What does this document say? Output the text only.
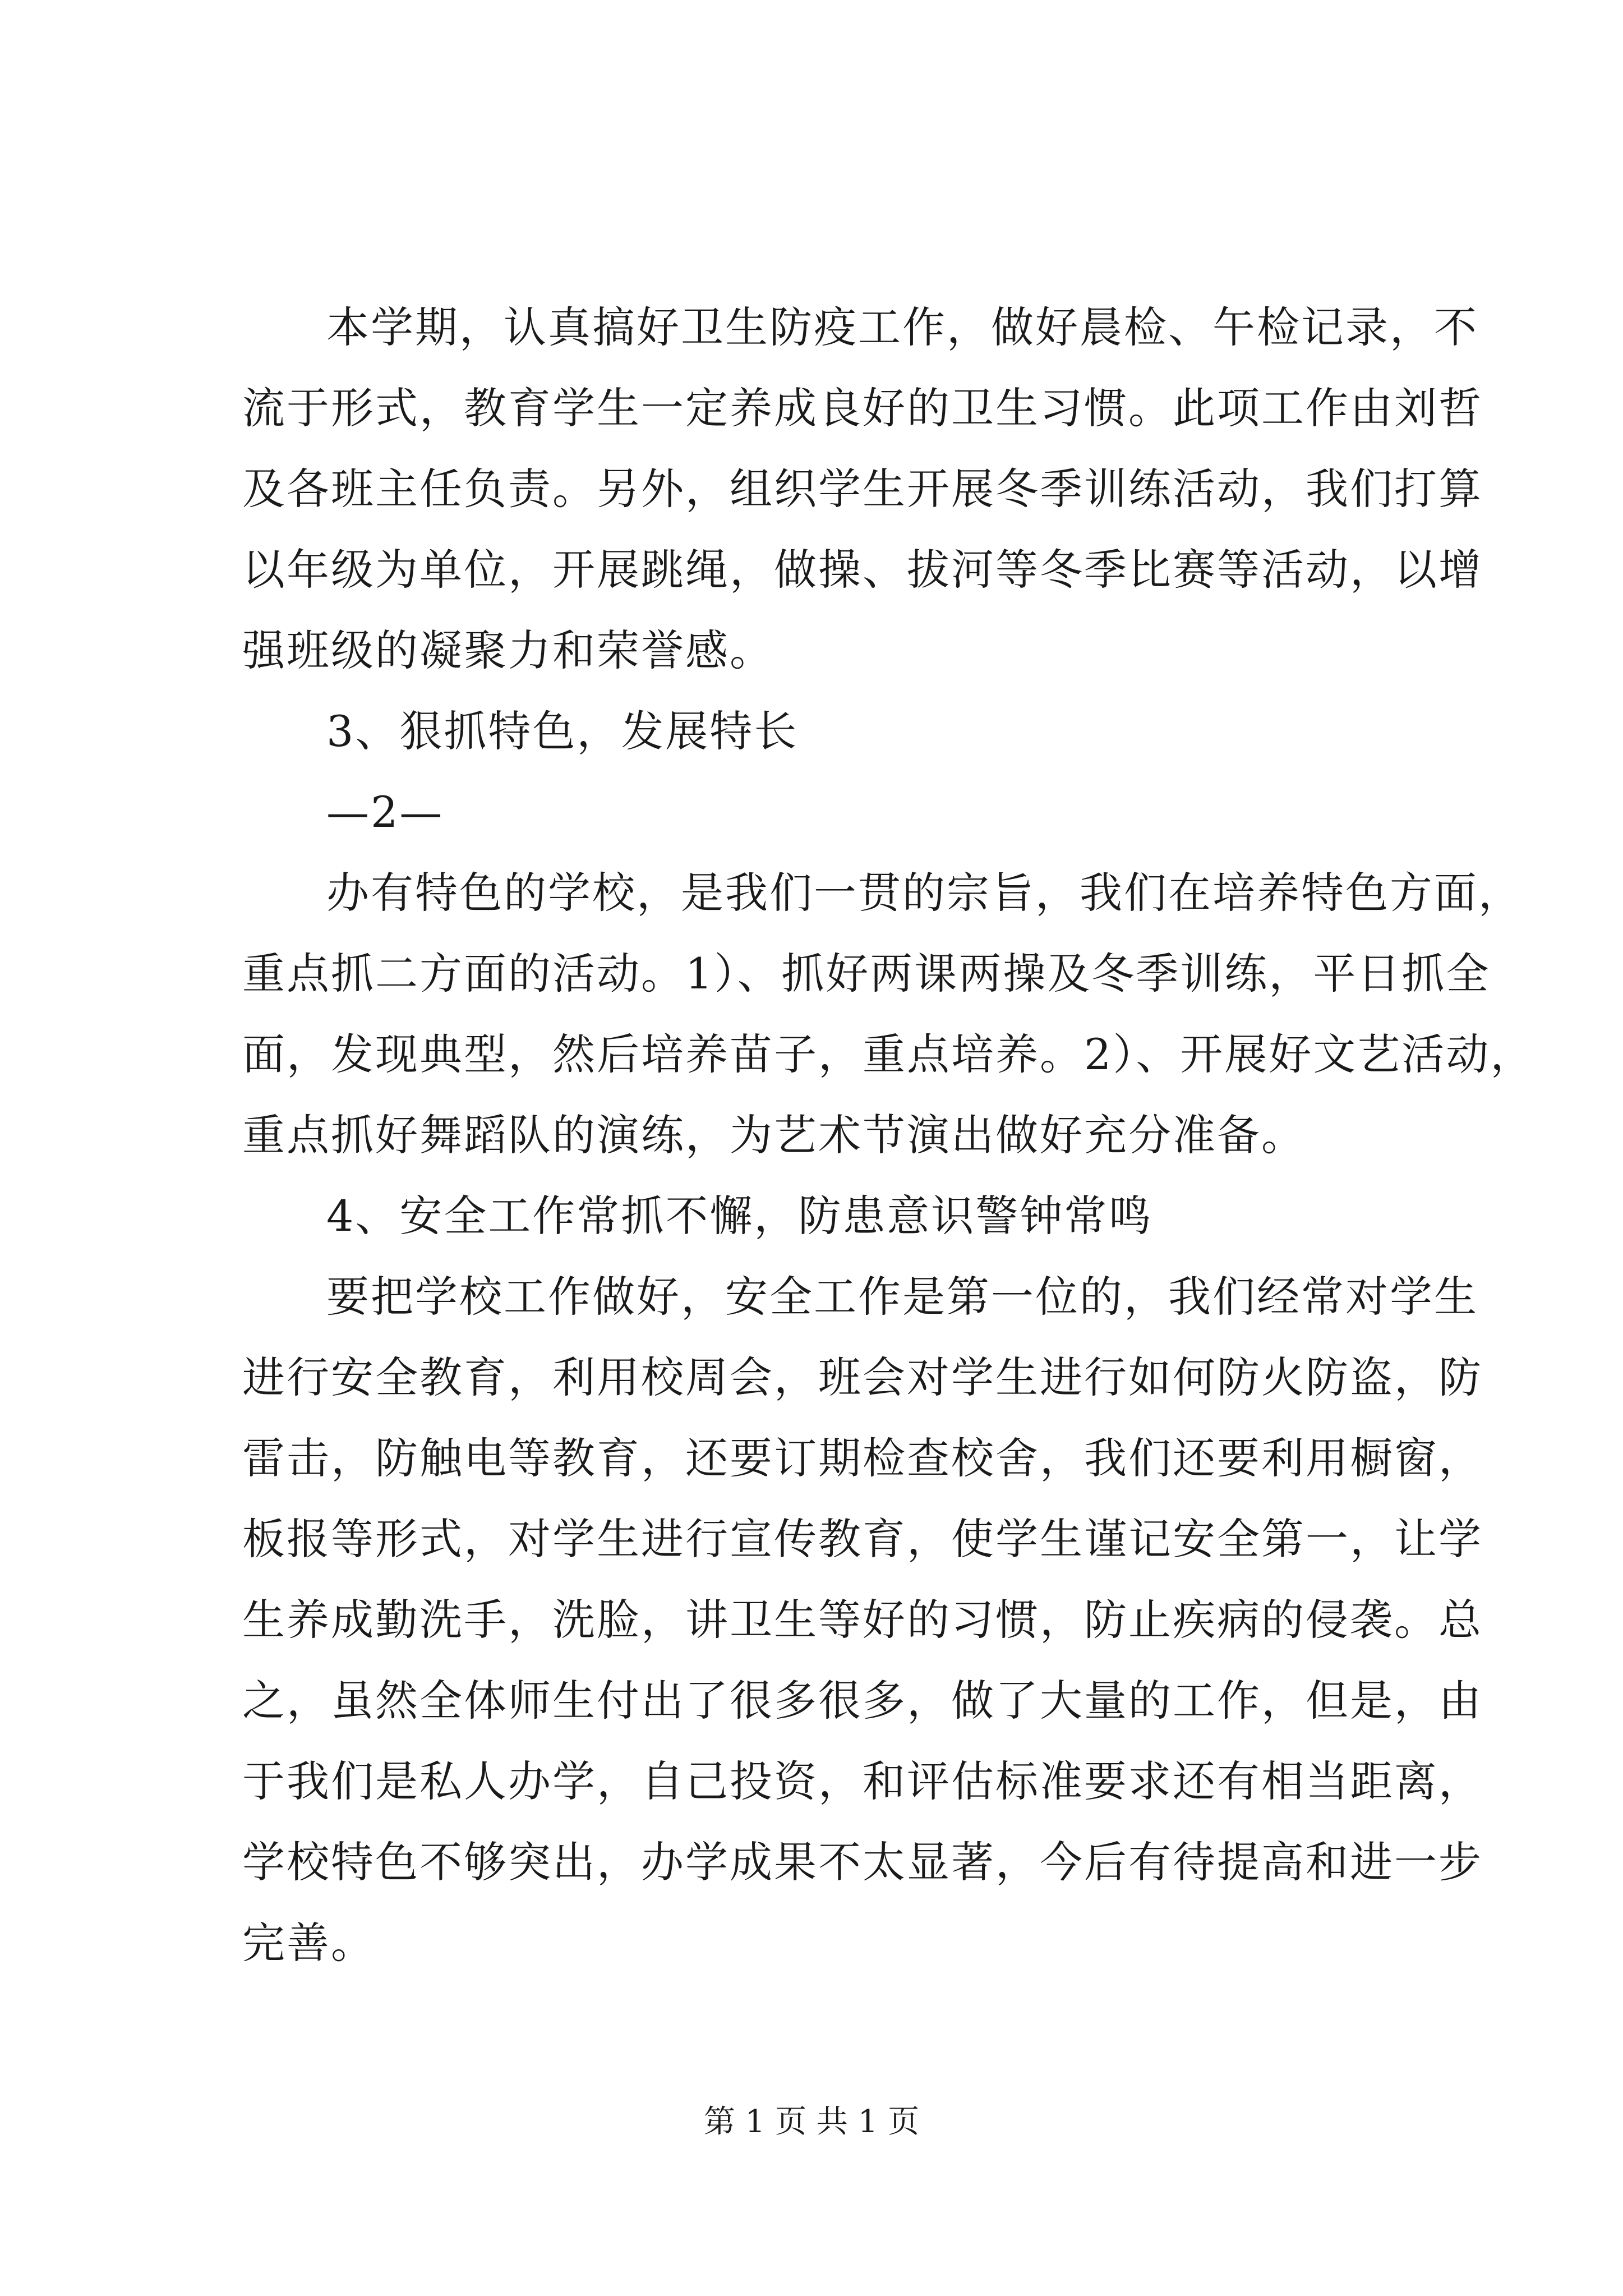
本学期，认真搞好卫生防疫工作，做好晨检、午检记录，不
流于形式，教育学生一定养成良好的卫生习惯。此项工作由刘哲
及各班主任负责。另外，组织学生开展冬季训练活动，我们打算
以年级为单位，开展跳绳，做操、拔河等冬季比赛等活动，以增
强班级的凝聚力和荣誉感。
3、狠抓特色，发展特长
—2—
办有特色的学校，是我们一贯的宗旨，我们在培养特色方面，
重点抓二方面的活动。1）、抓好两课两操及冬季训练，平日抓全
面，发现典型，然后培养苗子，重点培养。2）、开展好文艺活动，
重点抓好舞蹈队的演练，为艺术节演出做好充分准备。
4、安全工作常抓不懈，防患意识警钟常鸣
要把学校工作做好，安全工作是第一位的，我们经常对学生
进行安全教育，利用校周会，班会对学生进行如何防火防盗，防
雷击，防触电等教育，还要订期检查校舍，我们还要利用橱窗，
板报等形式，对学生进行宣传教育，使学生谨记安全第一，让学
生养成勤洗手，洗脸，讲卫生等好的习惯，防止疾病的侵袭。总
之，虽然全体师生付出了很多很多，做了大量的工作，但是，由
于我们是私人办学，自己投资，和评估标准要求还有相当距离，
学校特色不够突出，办学成果不太显著，今后有待提高和进一步
完善。
第 1 页 共 1 页
